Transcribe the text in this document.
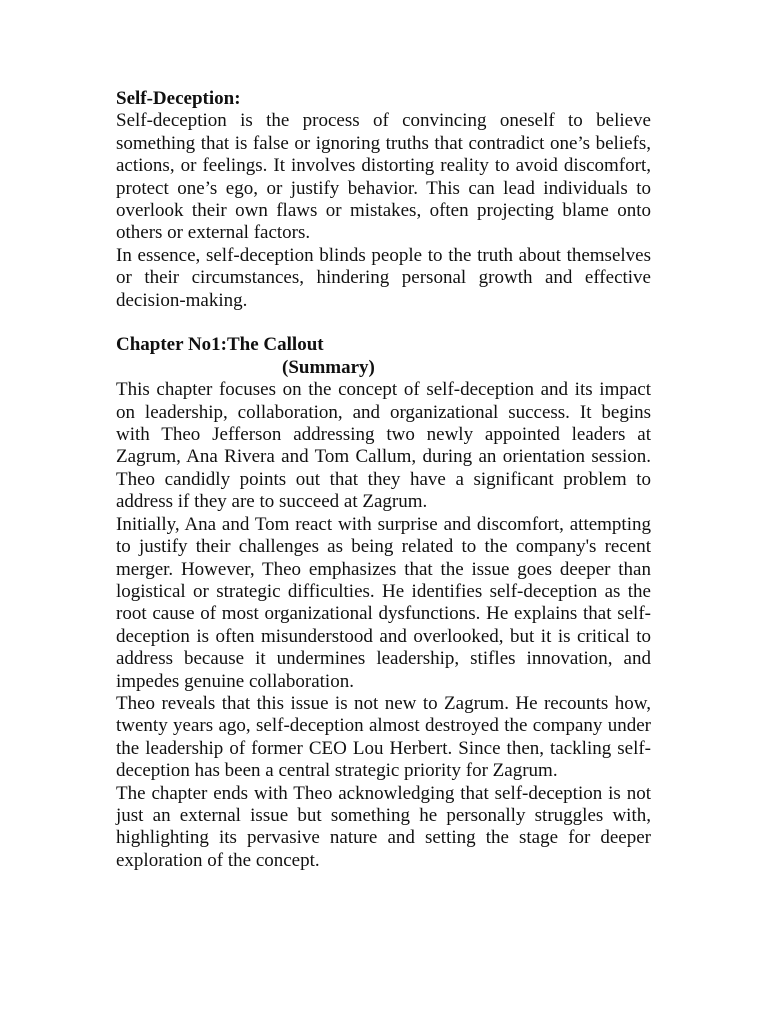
Self-Deception:

Self-deception is the process of convincing oneself to believe something that is false or ignoring truths that contradict one’s beliefs, actions, or feelings. It involves distorting reality to avoid discomfort, protect one’s ego, or justify behavior. This can lead individuals to overlook their own flaws or mistakes, often projecting blame onto others or external factors.

In essence, self-deception blinds people to the truth about themselves or their circumstances, hindering personal growth and effective decision-making.

Chapter No1:The Callout

(Summary)

This chapter focuses on the concept of self-deception and its impact on leadership, collaboration, and organizational success. It begins with Theo Jefferson addressing two newly appointed leaders at Zagrum, Ana Rivera and Tom Callum, during an orientation session. Theo candidly points out that they have a significant problem to address if they are to succeed at Zagrum.

Initially, Ana and Tom react with surprise and discomfort, attempting to justify their challenges as being related to the company's recent merger. However, Theo emphasizes that the issue goes deeper than logistical or strategic difficulties. He identifies self-deception as the root cause of most organizational dysfunctions. He explains that self-deception is often misunderstood and overlooked, but it is critical to address because it undermines leadership, stifles innovation, and impedes genuine collaboration.

Theo reveals that this issue is not new to Zagrum. He recounts how, twenty years ago, self-deception almost destroyed the company under the leadership of former CEO Lou Herbert. Since then, tackling self-deception has been a central strategic priority for Zagrum.

The chapter ends with Theo acknowledging that self-deception is not just an external issue but something he personally struggles with, highlighting its pervasive nature and setting the stage for deeper exploration of the concept.
